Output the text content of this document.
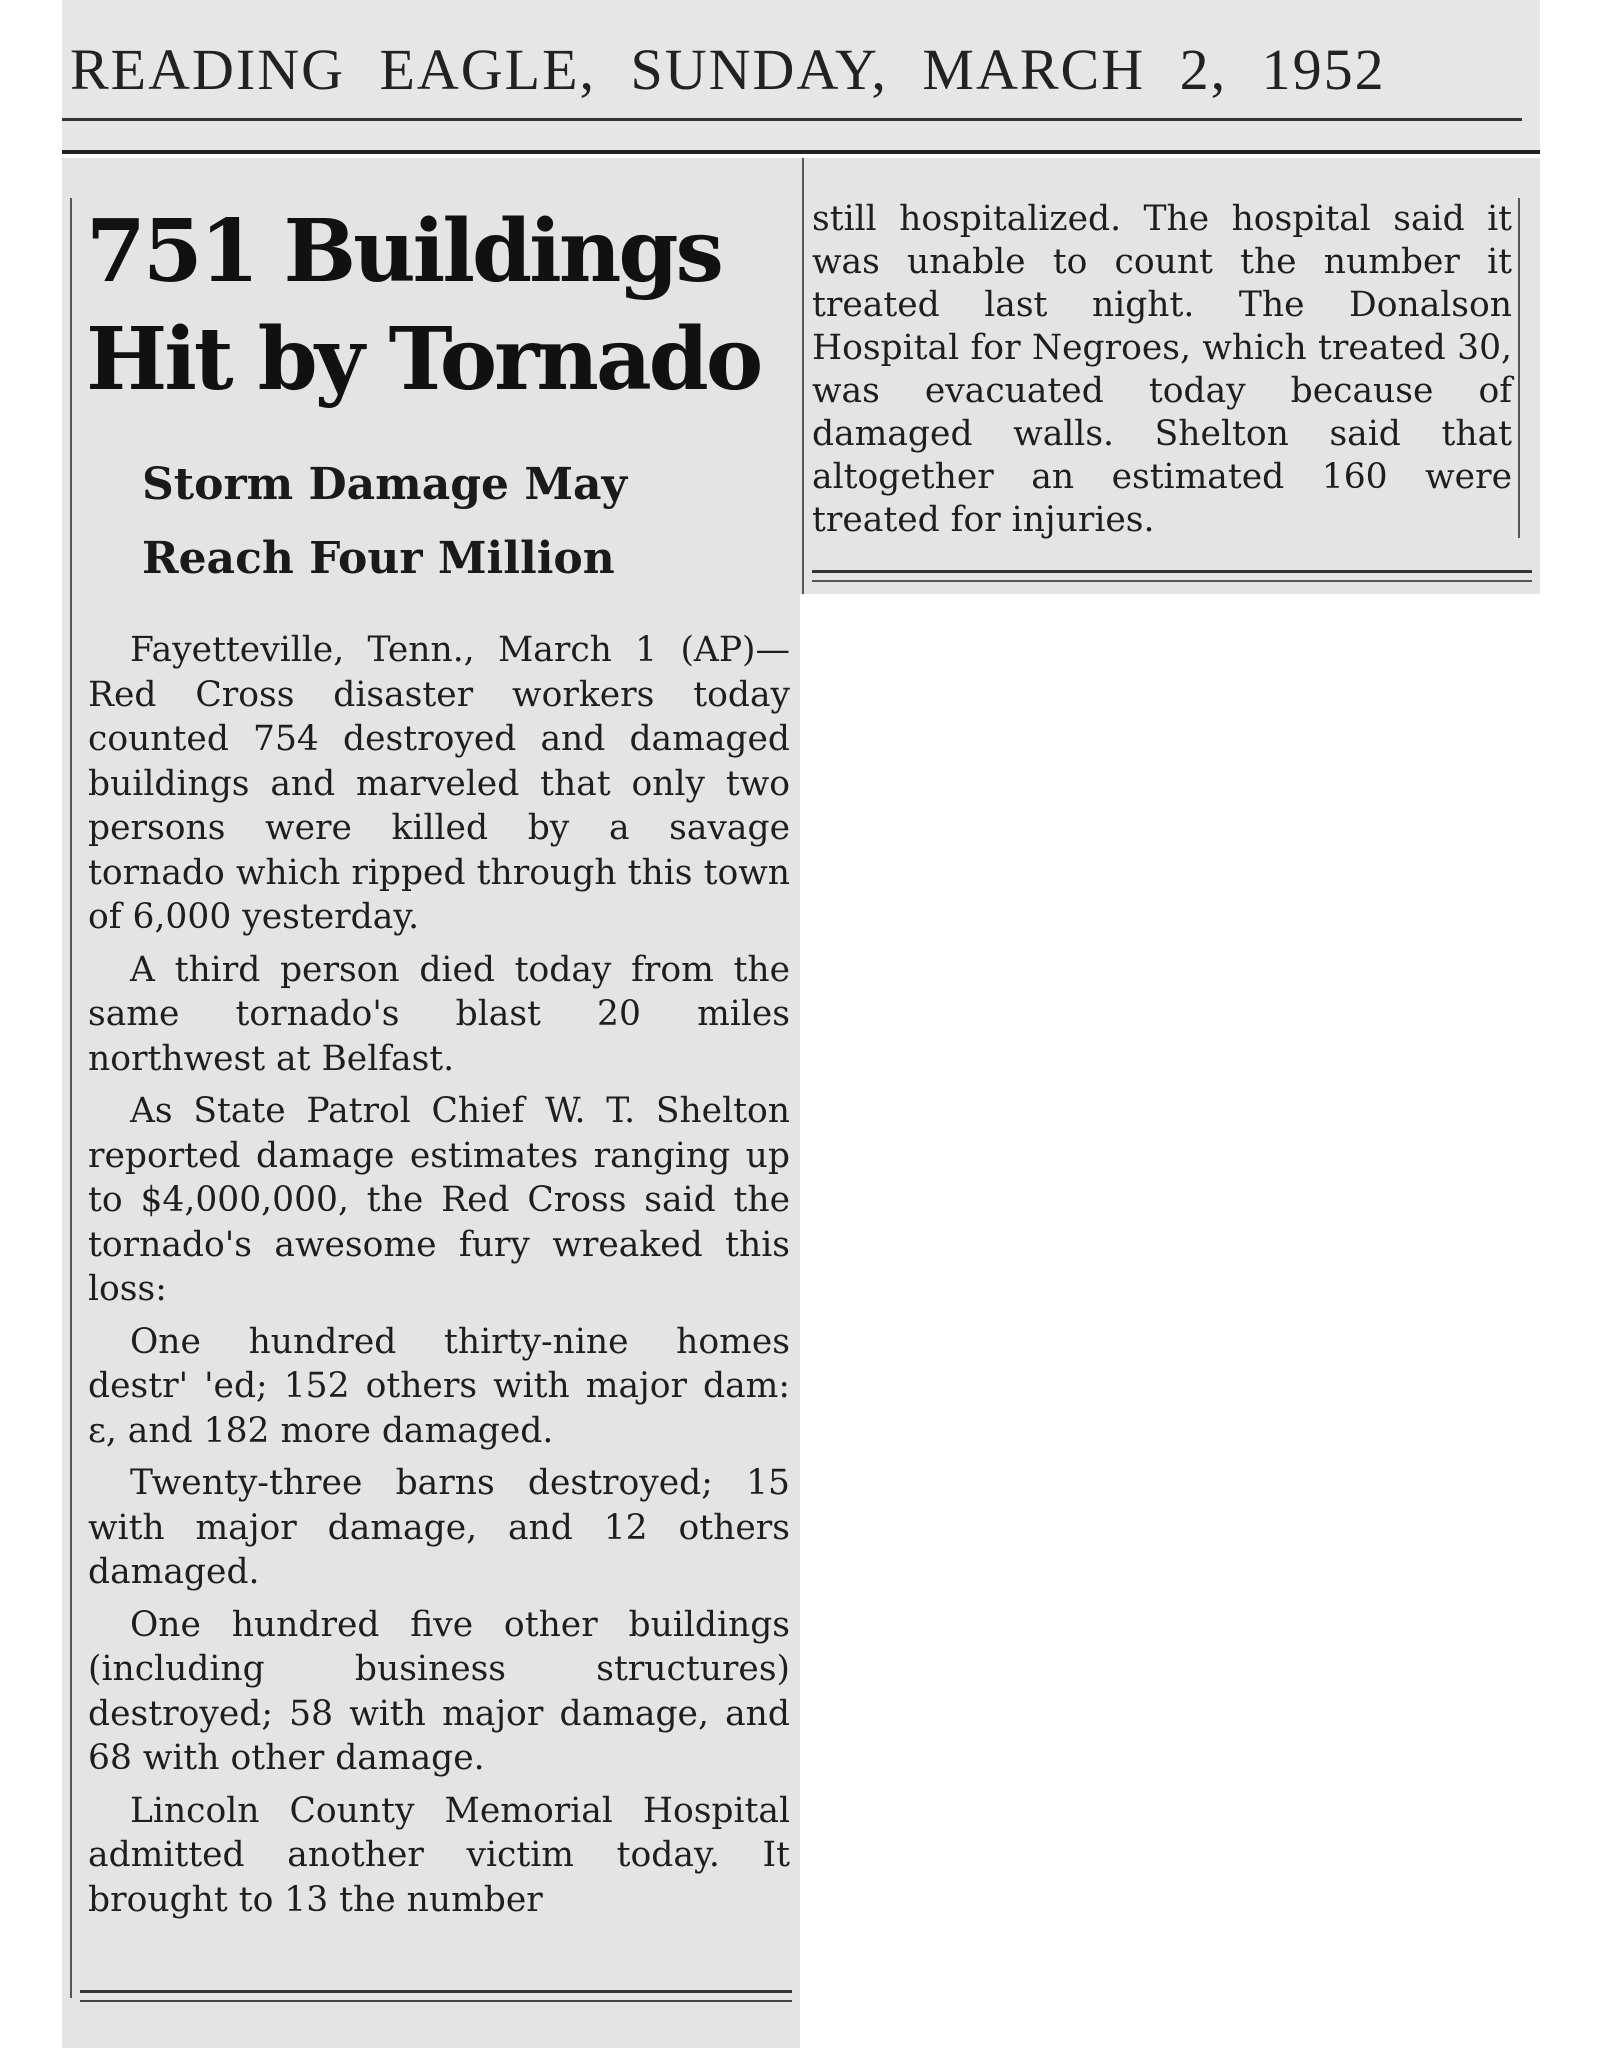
READING EAGLE, SUNDAY, MARCH 2, 1952
751 Buildings Hit by Tornado
Storm Damage May Reach Four Million

Fayetteville, Tenn., March 1 (AP)—Red Cross disaster workers today counted 754 destroyed and damaged buildings and marveled that only two persons were killed by a savage tornado which ripped through this town of 6,000 yesterday.

A third person died today from the same tornado's blast 20 miles northwest at Belfast.

As State Patrol Chief W. T. Shelton reported damage estimates ranging up to $4,000,000, the Red Cross said the tornado's awesome fury wreaked this loss:

One hundred thirty-nine homes destr' 'ed; 152 others with major dam: ε, and 182 more damaged.

Twenty-three barns destroyed; 15 with major damage, and 12 others damaged.

One hundred five other buildings (including business structures) destroyed; 58 with major damage, and 68 with other damage.

Lincoln County Memorial Hospital admitted another victim today. It brought to 13 the number

still hospitalized. The hospital said it was unable to count the number it treated last night. The Donalson Hospital for Negroes, which treated 30, was evacuated today because of damaged walls. Shelton said that altogether an estimated 160 were treated for injuries.
